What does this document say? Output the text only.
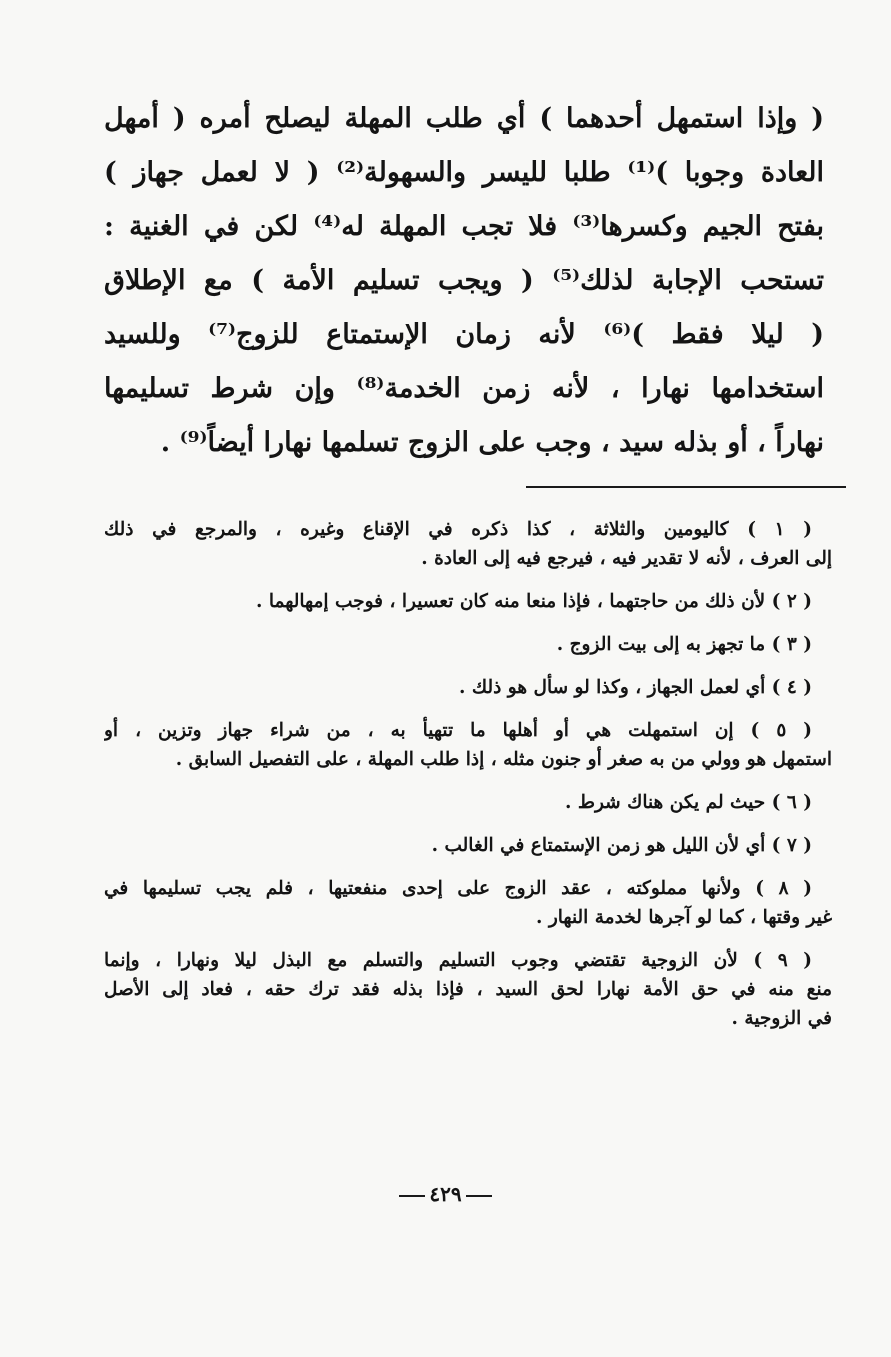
( وإذا استمهل أحدهما ) أي طلب المهلة ليصلح أمره ( أمهل
العادة وجوبا )⁽¹⁾ طلبا لليسر والسهولة⁽²⁾ ( لا لعمل جهاز )
بفتح الجيم وكسرها⁽³⁾ فلا تجب المهلة له⁽⁴⁾ لكن في الغنية :
تستحب الإجابة لذلك⁽⁵⁾ ( ويجب تسليم الأمة ) مع الإطلاق
( ليلا فقط )⁽⁶⁾ لأنه زمان الإستمتاع للزوج⁽⁷⁾ وللسيد
استخدامها نهارا ، لأنه زمن الخدمة⁽⁸⁾ وإن شرط تسليمها
نهاراً ، أو بذله سيد ، وجب على الزوج تسلمها نهارا أيضاً⁽⁹⁾ .
( ١ ) كاليومين والثلاثة ، كذا ذكره في الإقناع وغيره ، والمرجع في ذلك
إلى العرف ، لأنه لا تقدير فيه ، فيرجع فيه إلى العادة .
( ٢ ) لأن ذلك من حاجتهما ، فإذا منعا منه كان تعسيرا ، فوجب إمهالهما .
( ٣ ) ما تجهز به إلى بيت الزوج .
( ٤ ) أي لعمل الجهاز ، وكذا لو سأل هو ذلك .
( ٥ ) إن استمهلت هي أو أهلها ما تتهيأ به ، من شراء جهاز وتزين ، أو
استمهل هو وولي من به صغر أو جنون مثله ، إذا طلب المهلة ، على التفصيل السابق .
( ٦ ) حيث لم يكن هناك شرط .
( ٧ ) أي لأن الليل هو زمن الإستمتاع في الغالب .
( ٨ ) ولأنها مملوكته ، عقد الزوج على إحدى منفعتيها ، فلم يجب تسليمها في
غير وقتها ، كما لو آجرها لخدمة النهار .
( ٩ ) لأن الزوجية تقتضي وجوب التسليم والتسلم مع البذل ليلا ونهارا ، وإنما
منع منه في حق الأمة نهارا لحق السيد ، فإذا بذله فقد ترك حقه ، فعاد إلى الأصل
في الزوجية .
٤٢٩
